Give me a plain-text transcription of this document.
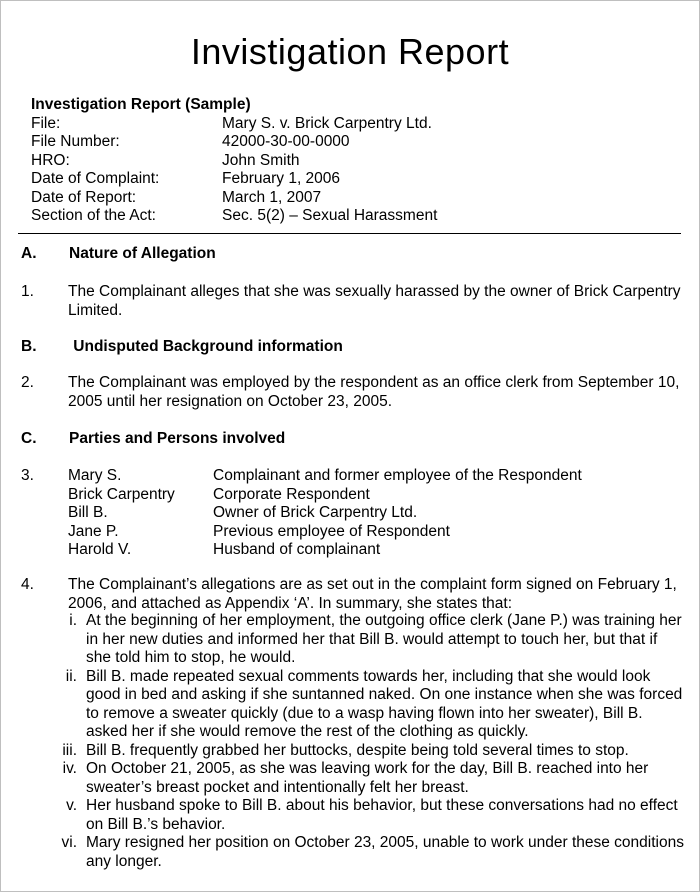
Invistigation Report
Investigation Report (Sample)
File:	Mary S. v. Brick Carpentry Ltd.
File Number:	42000-30-00-0000
HRO:	John Smith
Date of Complaint:	February 1, 2006
Date of Report:	March 1, 2007
Section of the Act:	Sec. 5(2) – Sexual Harassment
A.	Nature of Allegation
1.	The Complainant alleges that she was sexually harassed by the owner of Brick Carpentry Limited.
B.	Undisputed Background information
2.	The Complainant was employed by the respondent as an office clerk from September 10, 2005 until her resignation on October 23, 2005.
C.	Parties and Persons involved
3.	Mary S.	Complainant and former employee of the Respondent
Brick Carpentry	Corporate Respondent
Bill B.	Owner of Brick Carpentry Ltd.
Jane P.	Previous employee of Respondent
Harold V.	Husband of complainant
4.	The Complainant’s allegations are as set out in the complaint form signed on February 1, 2006, and attached as Appendix ‘A’. In summary, she states that:
i. At the beginning of her employment, the outgoing office clerk (Jane P.) was training her in her new duties and informed her that Bill B. would attempt to touch her, but that if she told him to stop, he would.
ii. Bill B. made repeated sexual comments towards her, including that she would look good in bed and asking if she suntanned naked. On one instance when she was forced to remove a sweater quickly (due to a wasp having flown into her sweater), Bill B. asked her if she would remove the rest of the clothing as quickly.
iii. Bill B. frequently grabbed her buttocks, despite being told several times to stop.
iv. On October 21, 2005, as she was leaving work for the day, Bill B. reached into her sweater’s breast pocket and intentionally felt her breast.
v. Her husband spoke to Bill B. about his behavior, but these conversations had no effect on Bill B.’s behavior.
vi. Mary resigned her position on October 23, 2005, unable to work under these conditions any longer.
